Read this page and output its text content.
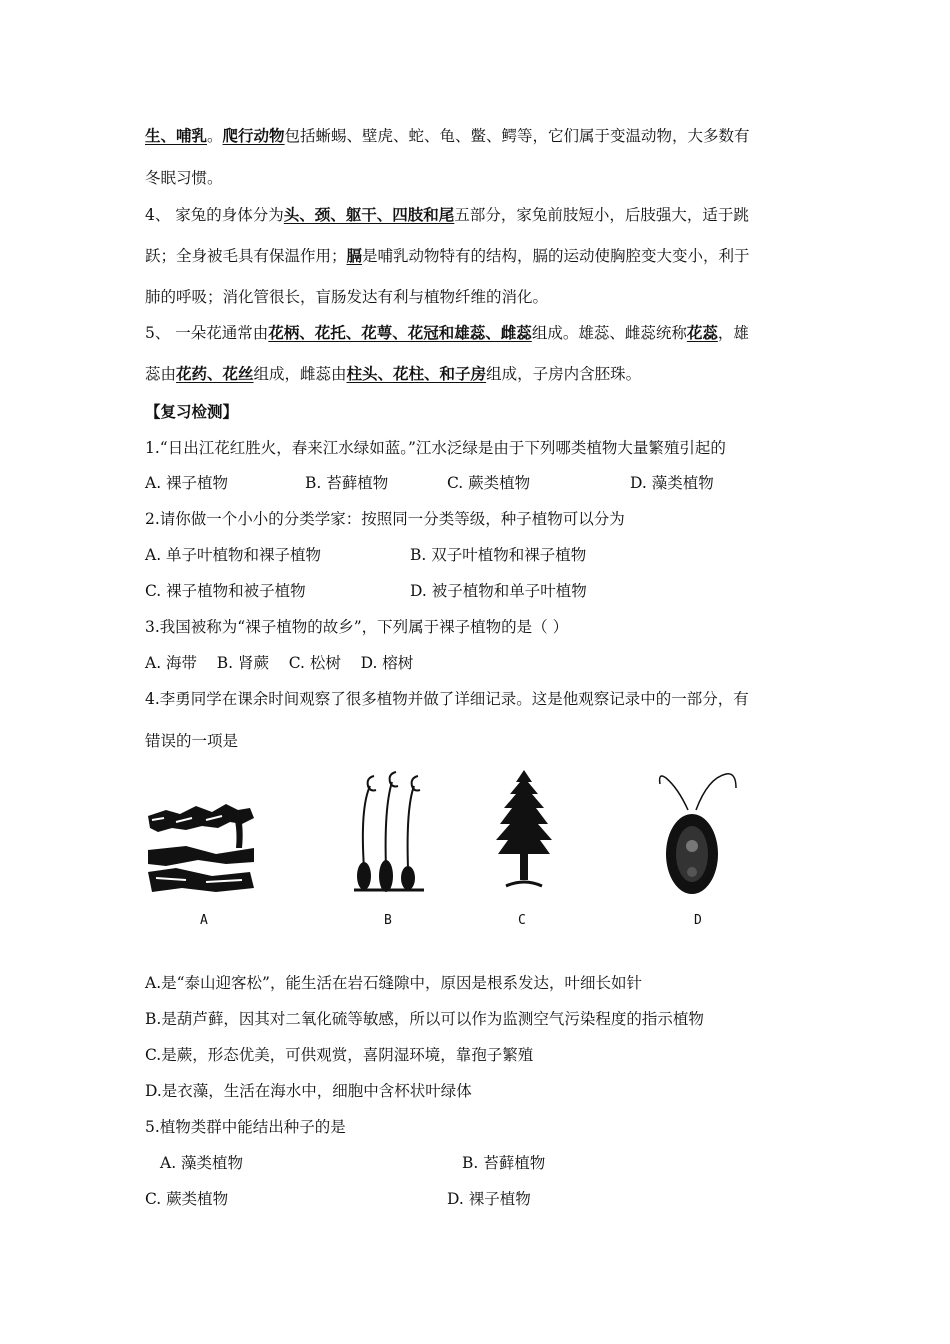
生、哺乳。爬行动物包括蜥蜴、壁虎、蛇、龟、鳖、鳄等，它们属于变温动物，大多数有
冬眠习惯。
4、 家兔的身体分为头、颈、躯干、四肢和尾五部分，家兔前肢短小，后肢强大，适于跳
跃；全身被毛具有保温作用；膈是哺乳动物特有的结构，膈的运动使胸腔变大变小，利于
肺的呼吸；消化管很长，盲肠发达有利与植物纤维的消化。
5、 一朵花通常由花柄、花托、花萼、花冠和雄蕊、雌蕊组成。雄蕊、雌蕊统称花蕊，雄
蕊由花药、花丝组成，雌蕊由柱头、花柱、和子房组成，子房内含胚珠。
【复习检测】
1.“日出江花红胜火，春来江水绿如蓝。”江水泛绿是由于下列哪类植物大量繁殖引起的
A. 裸子植物	B. 苔藓植物	C. 蕨类植物	D. 藻类植物
2.请你做一个小小的分类学家：按照同一分类等级，种子植物可以分为
A. 单子叶植物和裸子植物	B. 双子叶植物和裸子植物
C. 裸子植物和被子植物	D. 被子植物和单子叶植物
3.我国被称为“裸子植物的故乡”，下列属于裸子植物的是（ ）
A. 海带    B. 肾蕨    C. 松树    D. 榕树
4.李勇同学在课余时间观察了很多植物并做了详细记录。这是他观察记录中的一部分，有
错误的一项是
A	B	C	D
A.是“泰山迎客松”，能生活在岩石缝隙中，原因是根系发达，叶细长如针
B.是葫芦藓，因其对二氧化硫等敏感，所以可以作为监测空气污染程度的指示植物
C.是蕨，形态优美，可供观赏，喜阴湿环境，靠孢子繁殖
D.是衣藻，生活在海水中，细胞中含杯状叶绿体
5.植物类群中能结出种子的是
A. 藻类植物	B. 苔藓植物
C. 蕨类植物	D. 裸子植物
